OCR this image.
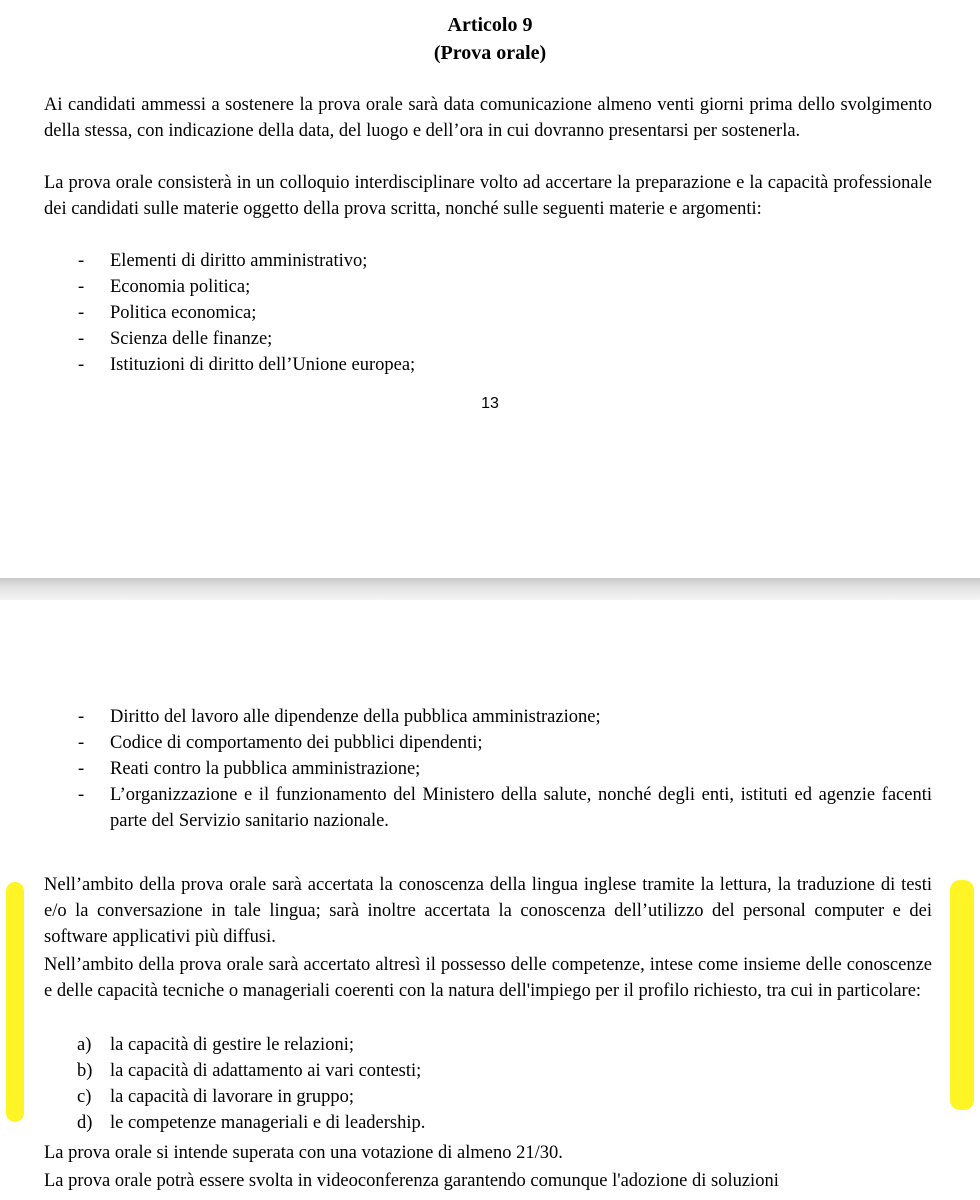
Articolo 9
(Prova orale)
Ai candidati ammessi a sostenere la prova orale sarà data comunicazione almeno venti giorni prima dello svolgimento della stessa, con indicazione della data, del luogo e dell’ora in cui dovranno presentarsi per sostenerla.
La prova orale consisterà in un colloquio interdisciplinare volto ad accertare la preparazione e la capacità professionale dei candidati sulle materie oggetto della prova scritta, nonché sulle seguenti materie e argomenti:
- Elementi di diritto amministrativo;
- Economia politica;
- Politica economica;
- Scienza delle finanze;
- Istituzioni di diritto dell’Unione europea;
13
- Diritto del lavoro alle dipendenze della pubblica amministrazione;
- Codice di comportamento dei pubblici dipendenti;
- Reati contro la pubblica amministrazione;
- L’organizzazione e il funzionamento del Ministero della salute, nonché degli enti, istituti ed agenzie facenti parte del Servizio sanitario nazionale.
Nell’ambito della prova orale sarà accertata la conoscenza della lingua inglese tramite la lettura, la traduzione di testi e/o la conversazione in tale lingua; sarà inoltre accertata la conoscenza dell’utilizzo del personal computer e dei software applicativi più diffusi.
Nell’ambito della prova orale sarà accertato altresì il possesso delle competenze, intese come insieme delle conoscenze e delle capacità tecniche o manageriali coerenti con la natura dell'impiego per il profilo richiesto, tra cui in particolare:
a) la capacità di gestire le relazioni;
b) la capacità di adattamento ai vari contesti;
c) la capacità di lavorare in gruppo;
d) le competenze manageriali e di leadership.
La prova orale si intende superata con una votazione di almeno 21/30.
La prova orale potrà essere svolta in videoconferenza garantendo comunque l'adozione di soluzioni
